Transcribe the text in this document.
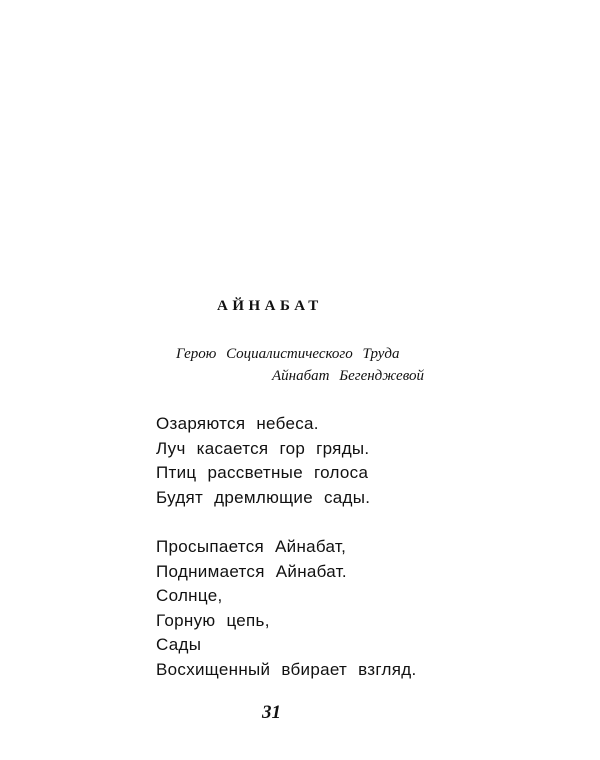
АЙНАБАТ
Герою Социалистического Труда
Айнабат Бегенджевой
Озаряются небеса.
Луч касается гор гряды.
Птиц рассветные голоса
Будят дремлющие сады.
Просыпается Айнабат,
Поднимается Айнабат.
Солнце,
Горную цепь,
Сады
Восхищенный вбирает взгляд.
31
